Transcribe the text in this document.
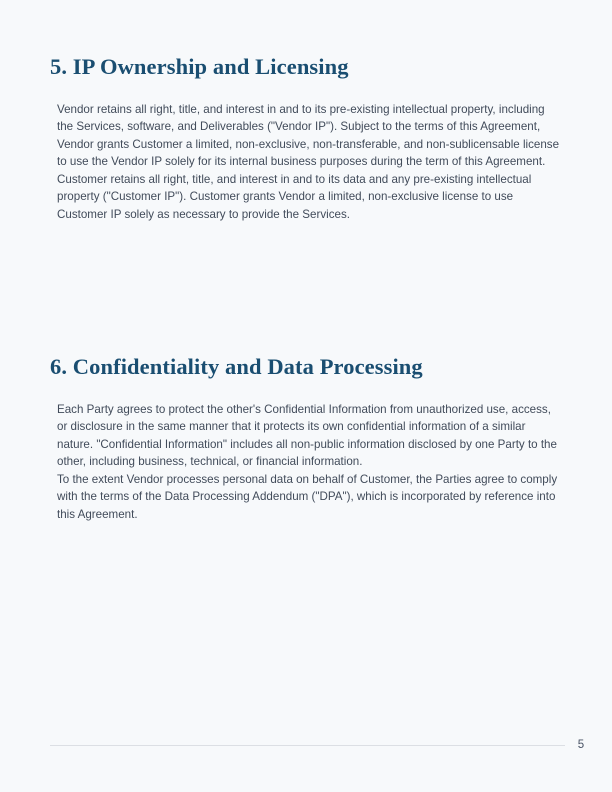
5. IP Ownership and Licensing

Vendor retains all right, title, and interest in and to its pre-existing intellectual property, including the Services, software, and Deliverables ("Vendor IP"). Subject to the terms of this Agreement, Vendor grants Customer a limited, non-exclusive, non-transferable, and non-sublicensable license to use the Vendor IP solely for its internal business purposes during the term of this Agreement.

Customer retains all right, title, and interest in and to its data and any pre-existing intellectual property ("Customer IP"). Customer grants Vendor a limited, non-exclusive license to use Customer IP solely as necessary to provide the Services.

6. Confidentiality and Data Processing

Each Party agrees to protect the other's Confidential Information from unauthorized use, access, or disclosure in the same manner that it protects its own confidential information of a similar nature. "Confidential Information" includes all non-public information disclosed by one Party to the other, including business, technical, or financial information.

To the extent Vendor processes personal data on behalf of Customer, the Parties agree to comply with the terms of the Data Processing Addendum ("DPA"), which is incorporated by reference into this Agreement.

5
